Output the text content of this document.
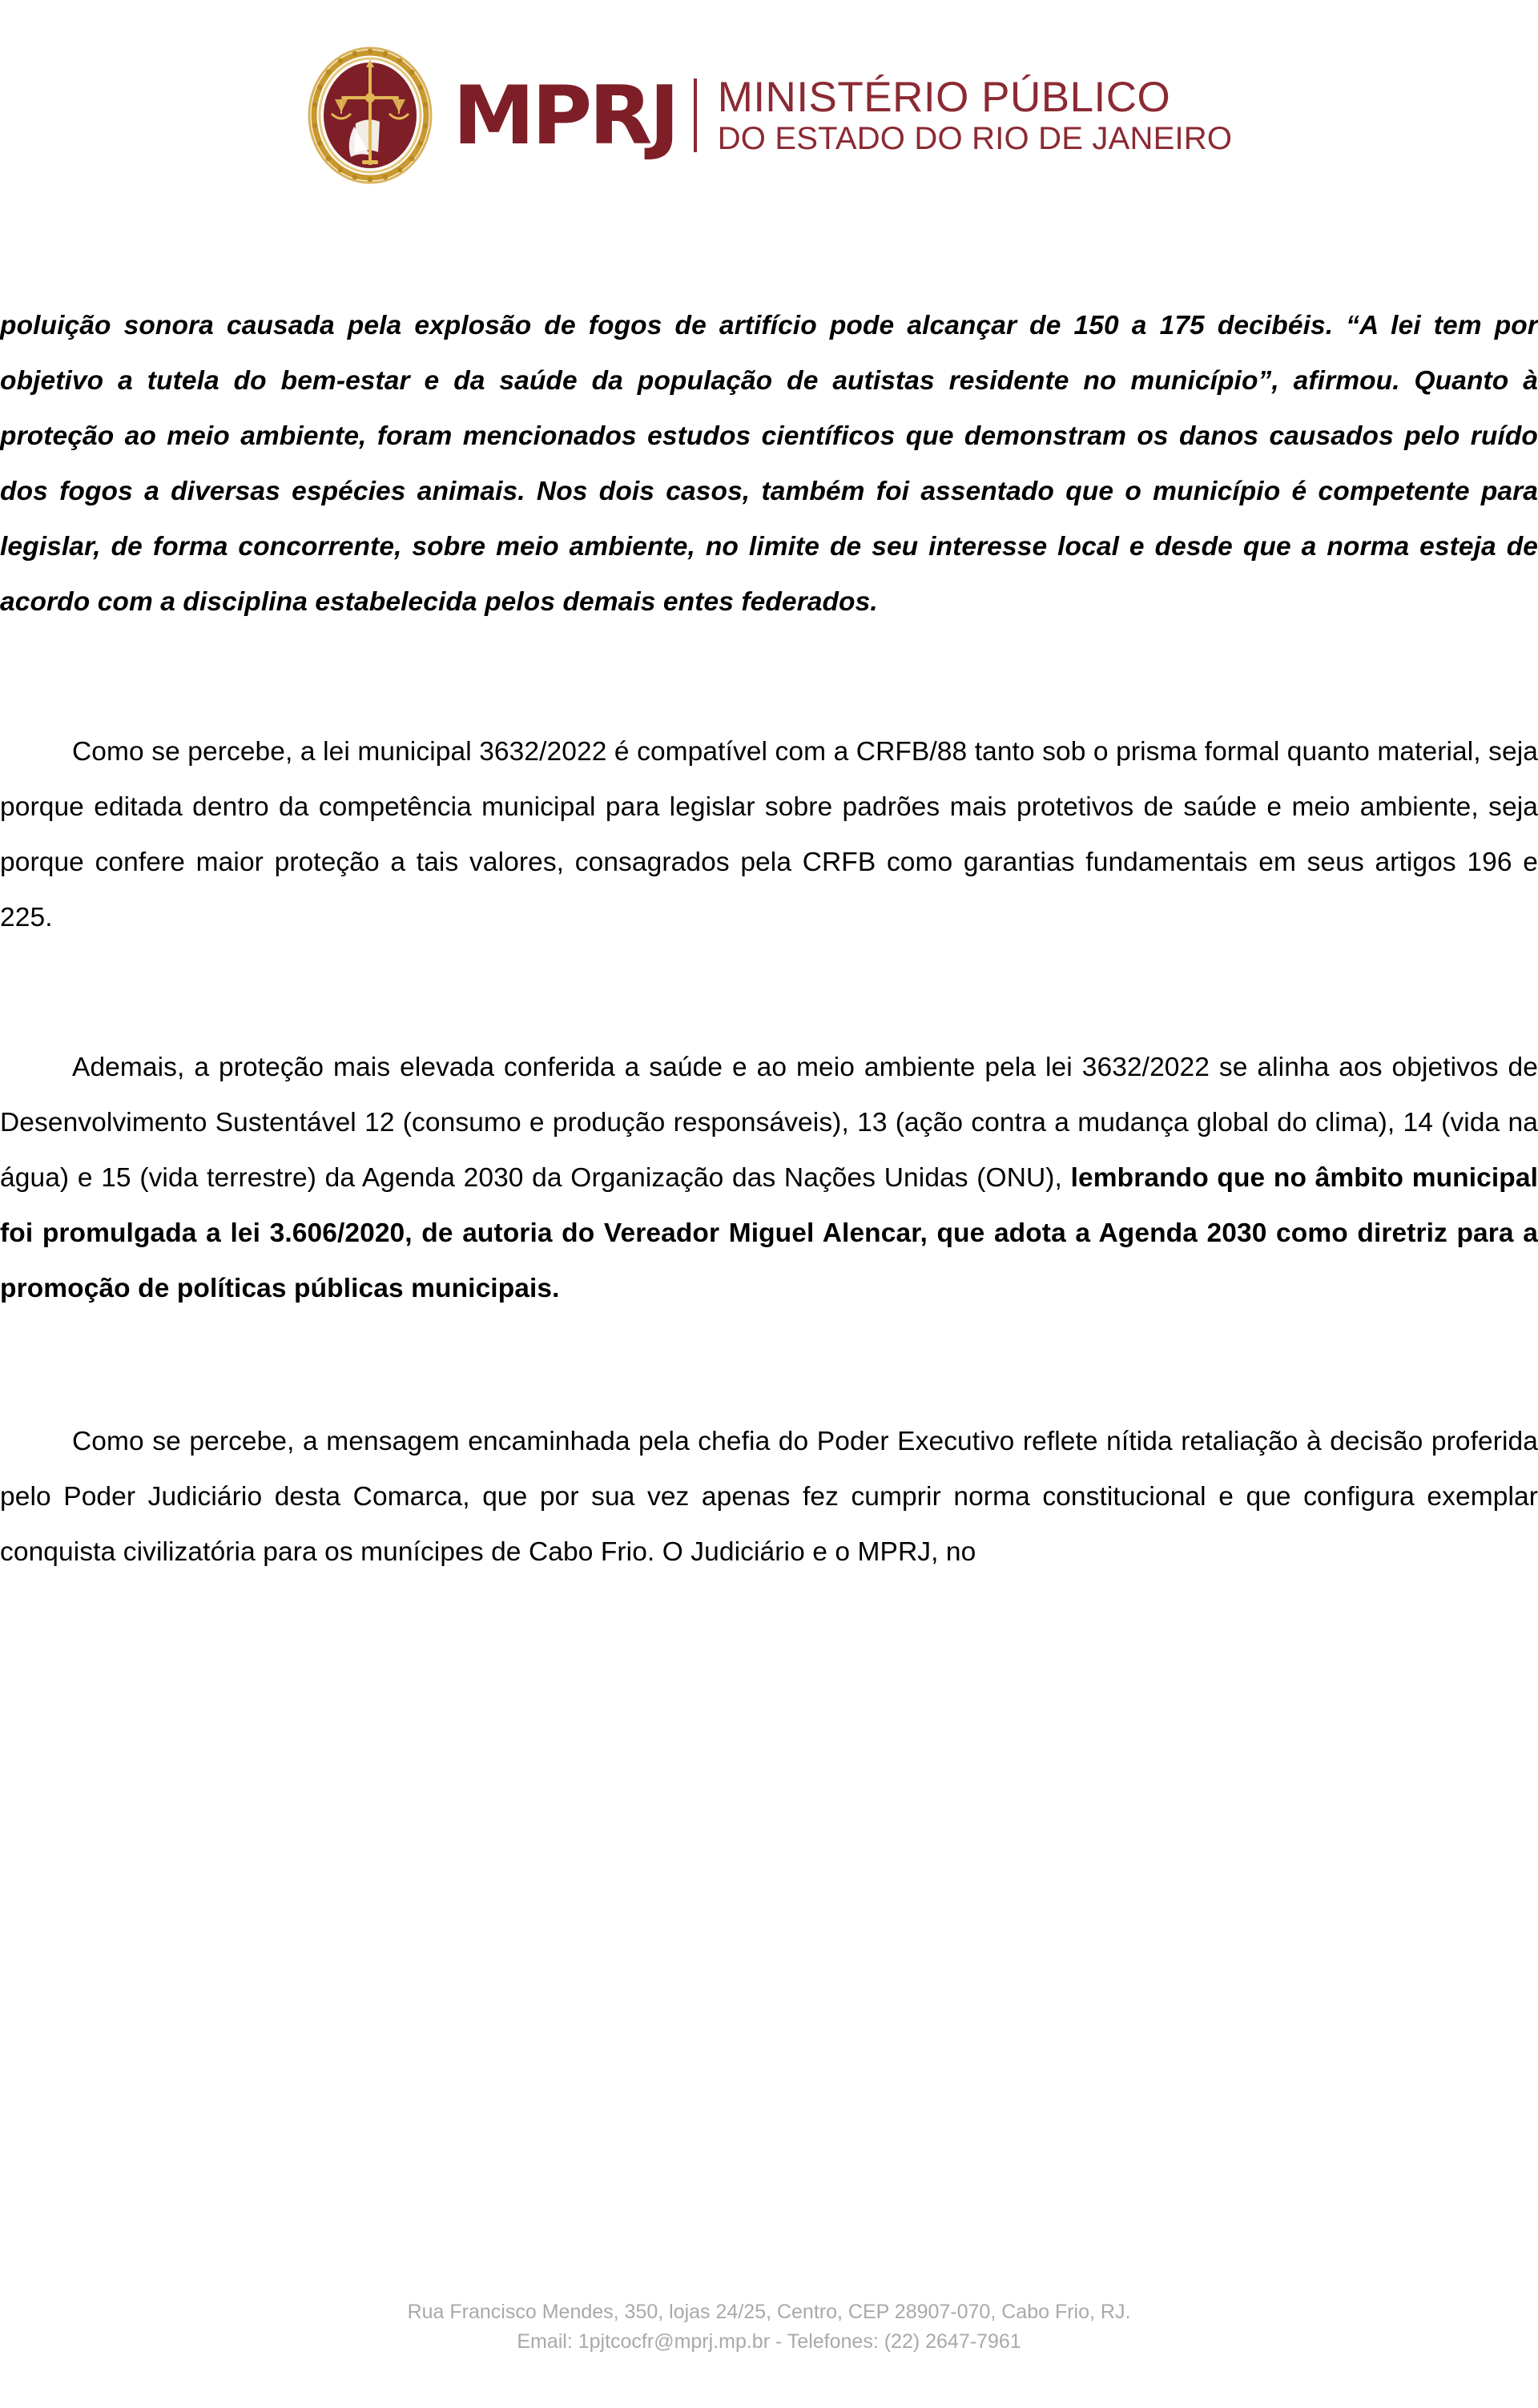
MPRJ MINISTÉRIO PÚBLICO
DO ESTADO DO RIO DE JANEIRO

poluição sonora causada pela explosão de fogos de artifício pode alcançar de 150 a 175 decibéis. “A lei tem por objetivo a tutela do bem-estar e da saúde da população de autistas residente no município”, afirmou. Quanto à proteção ao meio ambiente, foram mencionados estudos científicos que demonstram os danos causados pelo ruído dos fogos a diversas espécies animais. Nos dois casos, também foi assentado que o município é competente para legislar, de forma concorrente, sobre meio ambiente, no limite de seu interesse local e desde que a norma esteja de acordo com a disciplina estabelecida pelos demais entes federados.

Como se percebe, a lei municipal 3632/2022 é compatível com a CRFB/88 tanto sob o prisma formal quanto material, seja porque editada dentro da competência municipal para legislar sobre padrões mais protetivos de saúde e meio ambiente, seja porque confere maior proteção a tais valores, consagrados pela CRFB como garantias fundamentais em seus artigos 196 e 225.

Ademais, a proteção mais elevada conferida a saúde e ao meio ambiente pela lei 3632/2022 se alinha aos objetivos de Desenvolvimento Sustentável 12 (consumo e produção responsáveis), 13 (ação contra a mudança global do clima), 14 (vida na água) e 15 (vida terrestre) da Agenda 2030 da Organização das Nações Unidas (ONU), lembrando que no âmbito municipal foi promulgada a lei 3.606/2020, de autoria do Vereador Miguel Alencar, que adota a Agenda 2030 como diretriz para a promoção de políticas públicas municipais.

Como se percebe, a mensagem encaminhada pela chefia do Poder Executivo reflete nítida retaliação à decisão proferida pelo Poder Judiciário desta Comarca, que por sua vez apenas fez cumprir norma constitucional e que configura exemplar conquista civilizatória para os munícipes de Cabo Frio. O Judiciário e o MPRJ, no

Rua Francisco Mendes, 350, lojas 24/25, Centro, CEP 28907-070, Cabo Frio, RJ.
Email: 1pjtcocfr@mprj.mp.br - Telefones: (22) 2647-7961
